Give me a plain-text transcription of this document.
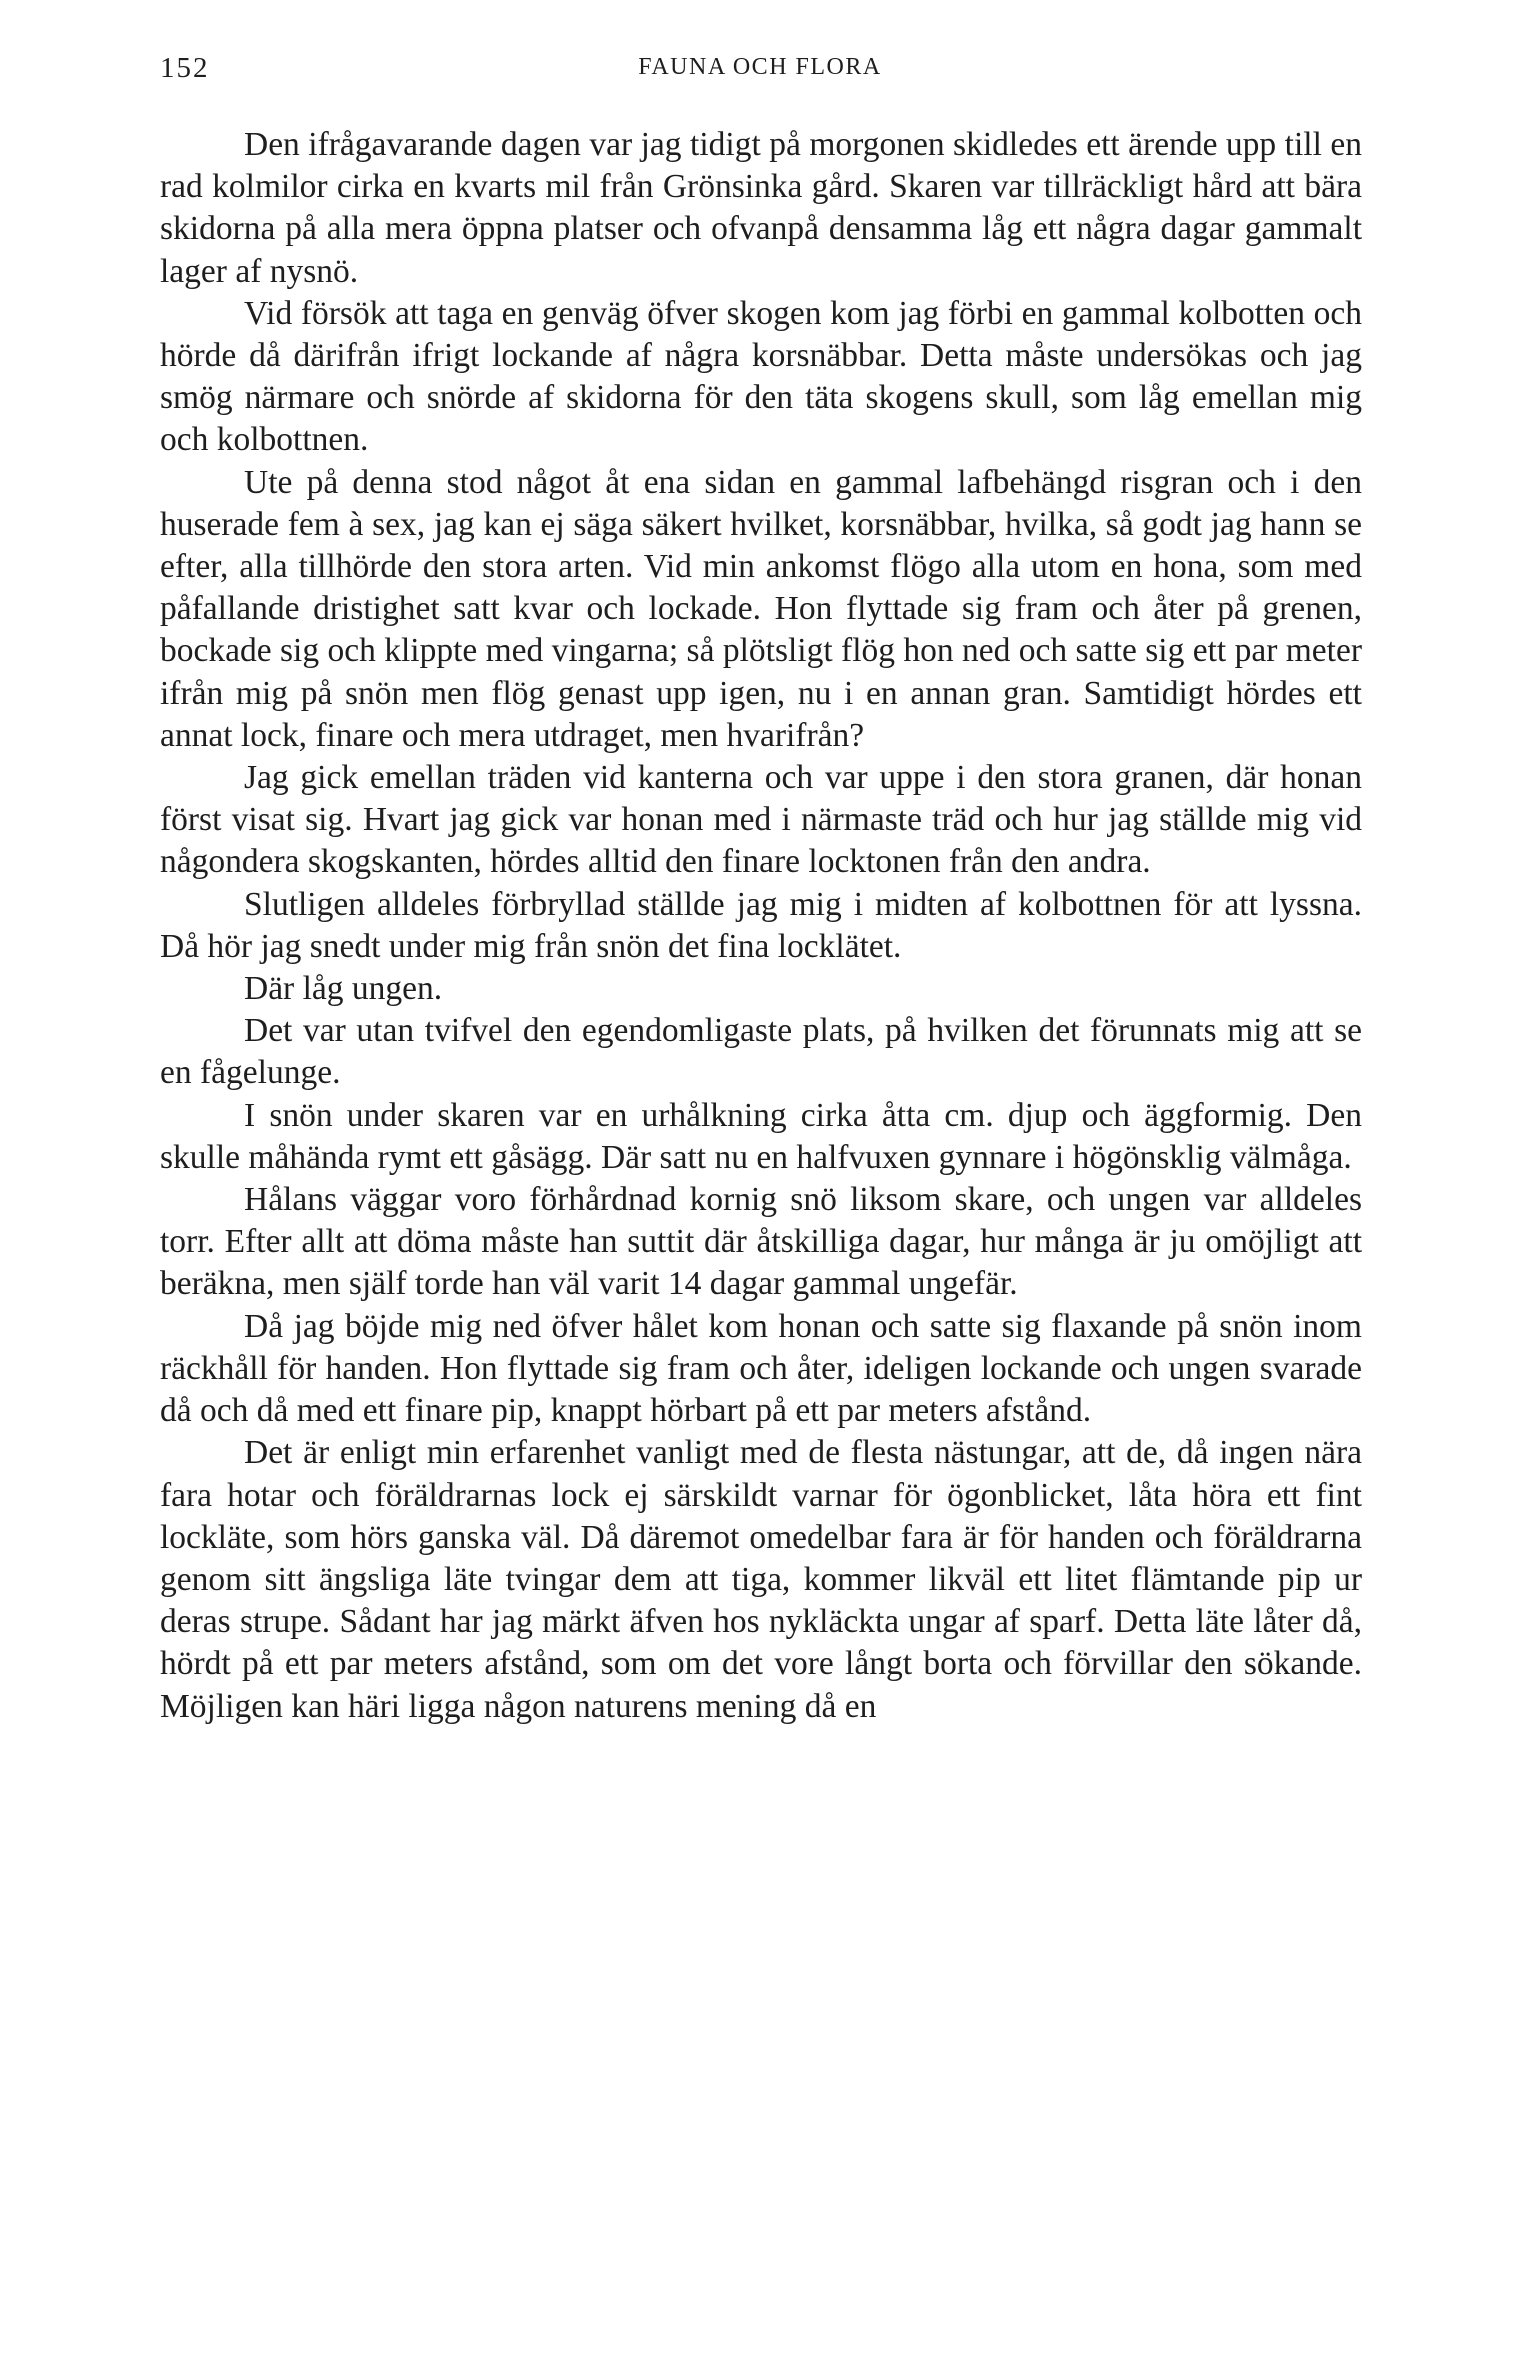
152	FAUNA OCH FLORA

Den ifrågavarande dagen var jag tidigt på morgonen skidledes ett ärende upp till en rad kolmilor cirka en kvarts mil från Grönsinka gård. Skaren var tillräckligt hård att bära skidorna på alla mera öppna platser och ofvanpå densamma låg ett några dagar gammalt lager af nysnö.

Vid försök att taga en genväg öfver skogen kom jag förbi en gammal kolbotten och hörde då därifrån ifrigt lockande af några korsnäbbar. Detta måste undersökas och jag smög närmare och snörde af skidorna för den täta skogens skull, som låg emellan mig och kolbottnen.

Ute på denna stod något åt ena sidan en gammal lafbehängd risgran och i den huserade fem à sex, jag kan ej säga säkert hvilket, korsnäbbar, hvilka, så godt jag hann se efter, alla tillhörde den stora arten. Vid min ankomst flögo alla utom en hona, som med påfallande dristighet satt kvar och lockade. Hon flyttade sig fram och åter på grenen, bockade sig och klippte med vingarna; så plötsligt flög hon ned och satte sig ett par meter ifrån mig på snön men flög genast upp igen, nu i en annan gran. Samtidigt hördes ett annat lock, finare och mera utdraget, men hvarifrån?

Jag gick emellan träden vid kanterna och var uppe i den stora granen, där honan först visat sig. Hvart jag gick var honan med i närmaste träd och hur jag ställde mig vid någondera skogskanten, hördes alltid den finare locktonen från den andra.

Slutligen alldeles förbryllad ställde jag mig i midten af kolbottnen för att lyssna. Då hör jag snedt under mig från snön det fina locklätet.

Där låg ungen.

Det var utan tvifvel den egendomligaste plats, på hvilken det förunnats mig att se en fågelunge.

I snön under skaren var en urhålkning cirka åtta cm. djup och äggformig. Den skulle måhända rymt ett gåsägg. Där satt nu en halfvuxen gynnare i högönsklig välmåga.

Hålans väggar voro förhårdnad kornig snö liksom skare, och ungen var alldeles torr. Efter allt att döma måste han suttit där åtskilliga dagar, hur många är ju omöjligt att beräkna, men själf torde han väl varit 14 dagar gammal ungefär.

Då jag böjde mig ned öfver hålet kom honan och satte sig flaxande på snön inom räckhåll för handen. Hon flyttade sig fram och åter, ideligen lockande och ungen svarade då och då med ett finare pip, knappt hörbart på ett par meters afstånd.

Det är enligt min erfarenhet vanligt med de flesta nästungar, att de, då ingen nära fara hotar och föräldrarnas lock ej särskildt varnar för ögonblicket, låta höra ett fint lockläte, som hörs ganska väl. Då däremot omedelbar fara är för handen och föräldrarna genom sitt ängsliga läte tvingar dem att tiga, kommer likväl ett litet flämtande pip ur deras strupe. Sådant har jag märkt äfven hos nykläckta ungar af sparf. Detta läte låter då, hördt på ett par meters afstånd, som om det vore långt borta och förvillar den sökande. Möjligen kan häri ligga någon naturens mening då en
